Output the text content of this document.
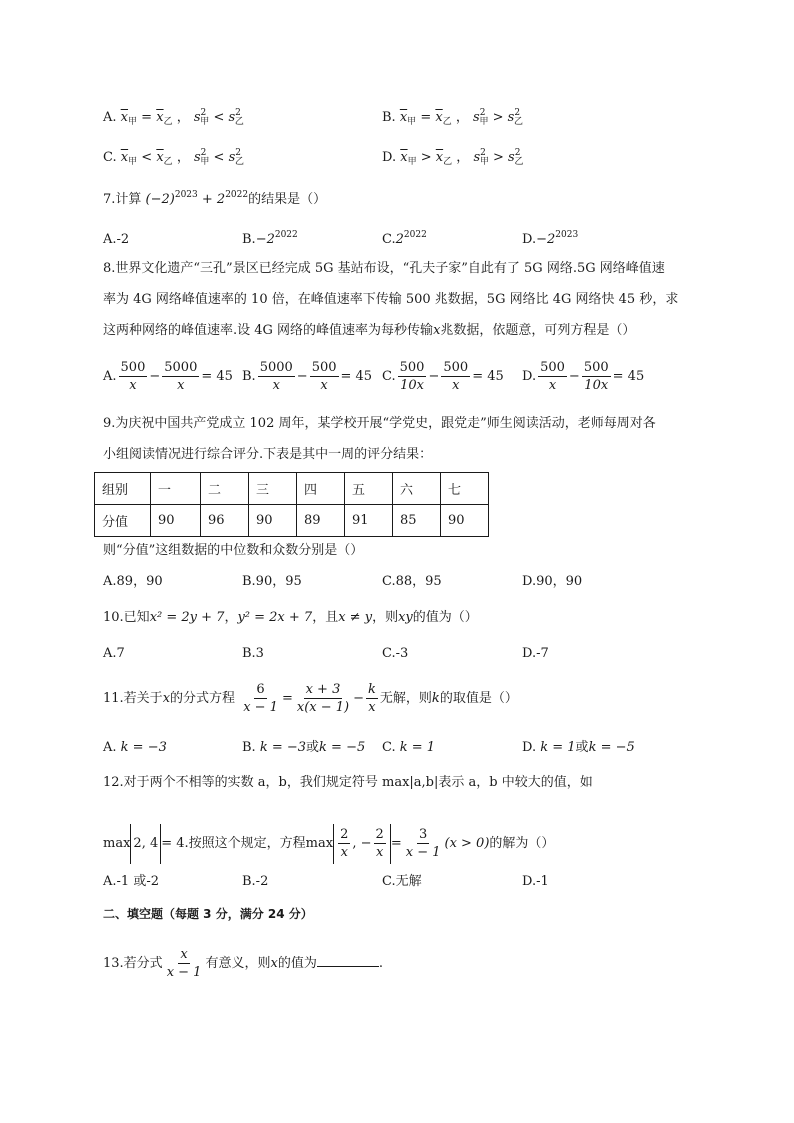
A. $\overline{x}_甲 = \overline{x}_乙$ ， $s^2_甲 < s^2_乙$	B. $\overline{x}_甲 = \overline{x}_乙$ ， $s^2_甲 > s^2_乙$
C. $\overline{x}_甲 < \overline{x}_乙$ ， $s^2_甲 < s^2_乙$	D. $\overline{x}_甲 > \overline{x}_乙$ ， $s^2_甲 > s^2_乙$
7.计算 $(-2)^{2023} + 2^{2022}$的结果是（）
A.-2	$B.-2^{2022}$	$C.2^{2022}$	$D.-2^{2023}$
8.世界文化遗产“三孔”景区已经完成 5G 基站布设，“孔夫子家”自此有了 5G 网络.5G 网络峰值速
率为 4G 网络峰值速率的 10 倍，在峰值速率下传输 500 兆数据，5G 网络比 4G 网络快 45 秒，求
这两种网络的峰值速率.设 4G 网络的峰值速率为每秒传输x兆数据，依题意，可列方程是（）
A. $\frac{500}{x} - \frac{5000}{x} = 45$ B. $\frac{5000}{x} - \frac{500}{x} = 45$ C. $\frac{500}{10x} - \frac{500}{x} = 45$ D. $\frac{500}{x} - \frac{500}{10x} = 45$
9.为庆祝中国共产党成立 102 周年，某学校开展“学党史，跟党走”师生阅读活动，老师每周对各
小组阅读情况进行综合评分.下表是其中一周的评分结果：
组别	一	二	三	四	五	六	七
分值	90	96	90	89	91	85	90
则“分值”这组数据的中位数和众数分别是（）
A.89，90	B.90，95	C.88，95	D.90，90
10.已知x² = 2y + 7，y² = 2x + 7，且x ≠ y，则xy的值为（）
A.7	B.3	C.-3	D.-7
11.若关于x的分式方程 $\frac{6}{x - 1} = \frac{x + 3}{x(x - 1)} - \frac{k}{x}$ 无解，则k的取值是（）
A. k = −3	B. k = −3或k = −5 C. k = 1	D. k = 1或k = −5
12.对于两个不相等的实数 a，b，我们规定符号 max|a,b|表示 a，b 中较大的值，如
max 2, 4 = 4.按照这个规定，方程$\max \frac{2}{x}$ , − $\frac{2}{x} = \frac{3}{x - 1} (x > 0)$的解为（）
A.-1 或-2	B.-2	C.无解	D.-1
二、填空题（每题 3 分，满分 24 分）
13.若分式 $\frac{x}{x - 1}$ 有意义，则x的值为	.
